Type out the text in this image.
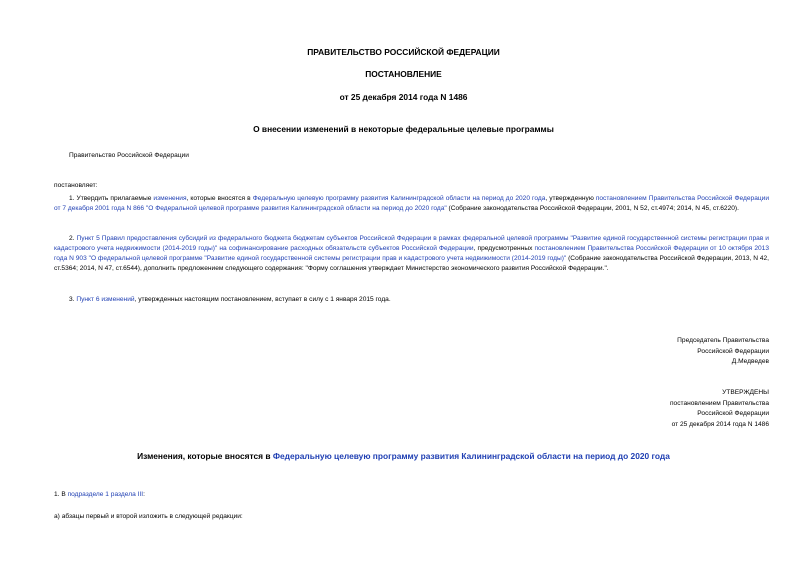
ПРАВИТЕЛЬСТВО РОССИЙСКОЙ ФЕДЕРАЦИИ
ПОСТАНОВЛЕНИЕ
от 25 декабря 2014 года N 1486
О внесении изменений в некоторые федеральные целевые программы
Правительство Российской Федерации
постановляет:
1. Утвердить прилагаемые изменения, которые вносятся в Федеральную целевую программу развития Калининградской области на период до 2020 года, утвержденную постановлением Правительства Российской Федерации от 7 декабря 2001 года N 866 "О Федеральной целевой программе развития Калининградской области на период до 2020 года" (Собрание законодательства Российской Федерации, 2001, N 52, ст.4974; 2014, N 45, ст.6220).
2. Пункт 5 Правил предоставления субсидий из федерального бюджета бюджетам субъектов Российской Федерации в рамках федеральной целевой программы "Развитие единой государственной системы регистрации прав и кадастрового учета недвижимости (2014-2019 годы)" на софинансирование расходных обязательств субъектов Российской Федерации, предусмотренных постановлением Правительства Российской Федерации от 10 октября 2013 года N 903 "О федеральной целевой программе "Развитие единой государственной системы регистрации прав и кадастрового учета недвижимости (2014-2019 годы)" (Собрание законодательства Российской Федерации, 2013, N 42, ст.5364; 2014, N 47, ст.6544), дополнить предложением следующего содержания: "Форму соглашения утверждает Министерство экономического развития Российской Федерации.".
3. Пункт 6 изменений, утвержденных настоящим постановлением, вступает в силу с 1 января 2015 года.
Председатель Правительства
Российской Федерации
Д.Медведев
УТВЕРЖДЕНЫ
постановлением Правительства
Российской Федерации
от 25 декабря 2014 года N 1486
Изменения, которые вносятся в Федеральную целевую программу развития Калининградской области на период до 2020 года
1. В подразделе 1 раздела III:
а) абзацы первый и второй изложить в следующей редакции:
